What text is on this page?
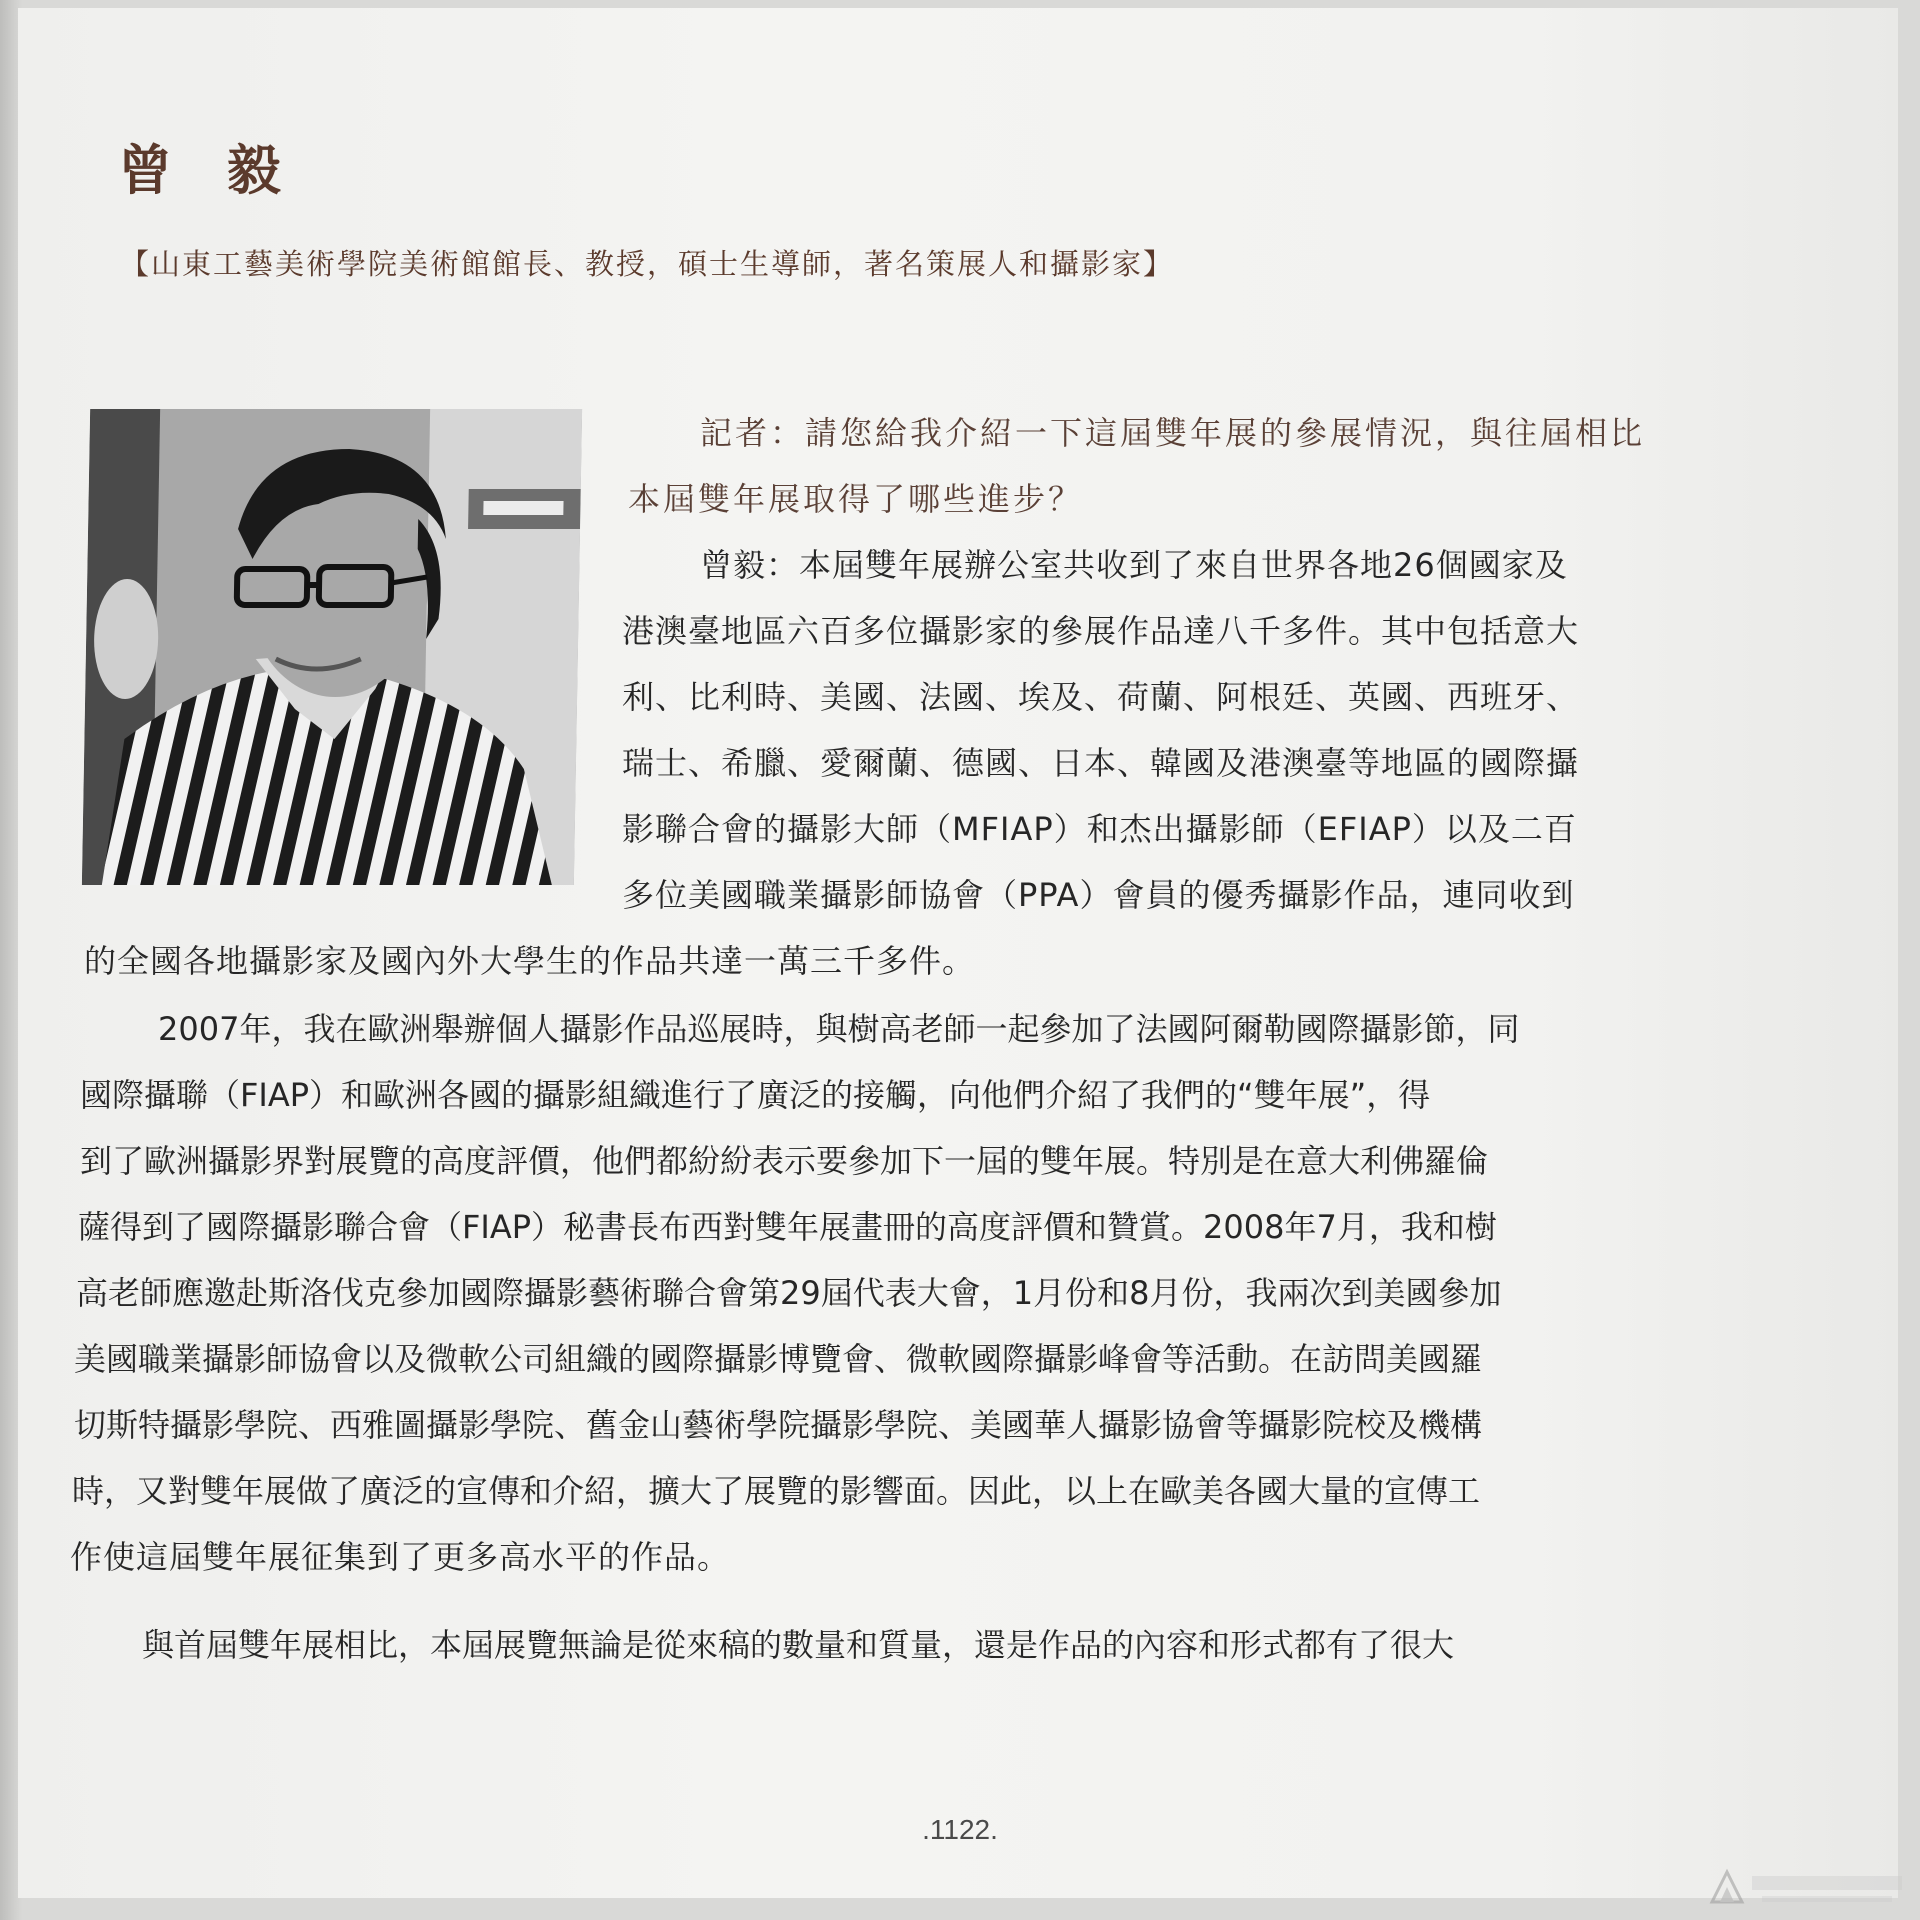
曾 毅
【山東工藝美術學院美術館館長、教授，碩士生導師，著名策展人和攝影家】
記者：請您給我介紹一下這屆雙年展的參展情況，與往屆相比
本屆雙年展取得了哪些進步？
曾毅：本屆雙年展辦公室共收到了來自世界各地26個國家及
港澳臺地區六百多位攝影家的參展作品達八千多件。其中包括意大
利、比利時、美國、法國、埃及、荷蘭、阿根廷、英國、西班牙、
瑞士、希臘、愛爾蘭、德國、日本、韓國及港澳臺等地區的國際攝
影聯合會的攝影大師（MFIAP）和杰出攝影師（EFIAP）以及二百
多位美國職業攝影師協會（PPA）會員的優秀攝影作品，連同收到
的全國各地攝影家及國內外大學生的作品共達一萬三千多件。
2007年，我在歐洲舉辦個人攝影作品巡展時，與樹高老師一起參加了法國阿爾勒國際攝影節，同
國際攝聯（FIAP）和歐洲各國的攝影組織進行了廣泛的接觸，向他們介紹了我們的“雙年展”，得
到了歐洲攝影界對展覽的高度評價，他們都紛紛表示要參加下一屆的雙年展。特別是在意大利佛羅倫
薩得到了國際攝影聯合會（FIAP）秘書長布西對雙年展畫冊的高度評價和贊賞。2008年7月，我和樹
高老師應邀赴斯洛伐克參加國際攝影藝術聯合會第29屆代表大會，1月份和8月份，我兩次到美國參加
美國職業攝影師協會以及微軟公司組織的國際攝影博覽會、微軟國際攝影峰會等活動。在訪問美國羅
切斯特攝影學院、西雅圖攝影學院、舊金山藝術學院攝影學院、美國華人攝影協會等攝影院校及機構
時，又對雙年展做了廣泛的宣傳和介紹，擴大了展覽的影響面。因此，以上在歐美各國大量的宣傳工
作使這屆雙年展征集到了更多高水平的作品。
與首屆雙年展相比，本屆展覽無論是從來稿的數量和質量，還是作品的內容和形式都有了很大
.1122.
